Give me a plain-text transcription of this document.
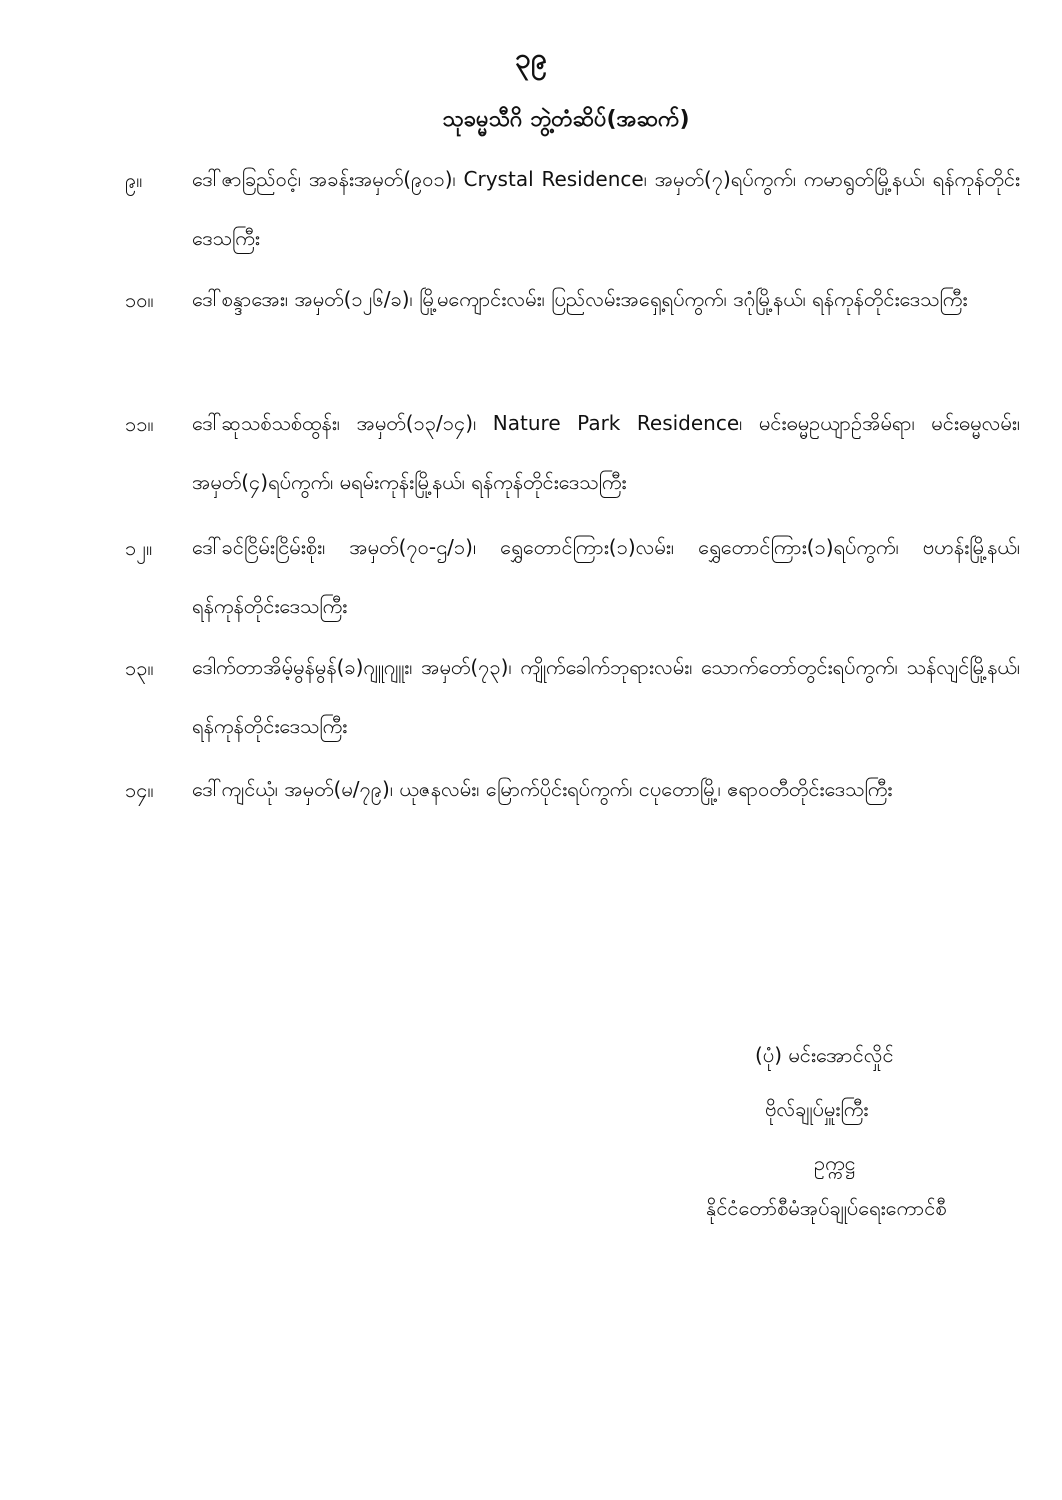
၃၉
သုခမ္မသီဂိ ဘွဲ့တံဆိပ်(အဆက်)
၉။	ဒေါ်ဇာခြည်ဝင့်၊ အခန်းအမှတ်(၉၀၁)၊ Crystal Residence၊ အမှတ်(၇)ရပ်ကွက်၊ ကမာရွတ်မြို့နယ်၊ ရန်ကုန်တိုင်းဒေသကြီး
၁၀။	ဒေါ်စန္ဒာအေး၊ အမှတ်(၁၂၆/ခ)၊ မြို့မကျောင်းလမ်း၊ ပြည်လမ်းအရှေ့ရပ်ကွက်၊ ဒဂုံမြို့နယ်၊ ရန်ကုန်တိုင်းဒေသကြီး
၁၁။	ဒေါ်ဆုသစ်သစ်ထွန်း၊ အမှတ်(၁၃/၁၄)၊ Nature Park Residence၊ မင်းဓမ္မဥယျာဉ်အိမ်ရာ၊ မင်းဓမ္မလမ်း၊ အမှတ်(၄)ရပ်ကွက်၊ မရမ်းကုန်းမြို့နယ်၊ ရန်ကုန်တိုင်းဒေသကြီး
၁၂။	ဒေါ်ခင်ငြိမ်းငြိမ်းစိုး၊ အမှတ်(၇၀-ဌ/၁)၊ ရွှေတောင်ကြား(၁)လမ်း၊ ရွှေတောင်ကြား(၁)ရပ်ကွက်၊ ဗဟန်းမြို့နယ်၊ ရန်ကုန်တိုင်းဒေသကြီး
၁၃။	ဒေါက်တာအိမ့်မွန်မွန်(ခ)ဂျူဂျူး၊ အမှတ်(၇၃)၊ ကျိုက်ခေါက်ဘုရားလမ်း၊ သောက်တော်တွင်းရပ်ကွက်၊ သန်လျင်မြို့နယ်၊ ရန်ကုန်တိုင်းဒေသကြီး
၁၄။	ဒေါ်ကျင်ယုံ၊ အမှတ်(မ/၇၉)၊ ယုဇနလမ်း၊ မြောက်ပိုင်းရပ်ကွက်၊ ငပုတောမြို့၊ ဧရာဝတီတိုင်းဒေသကြီး
(ပုံ) မင်းအောင်လှိုင်
ဗိုလ်ချုပ်မှူးကြီး
ဥက္ကဋ္ဌ
နိုင်ငံတော်စီမံအုပ်ချုပ်ရေးကောင်စီ
